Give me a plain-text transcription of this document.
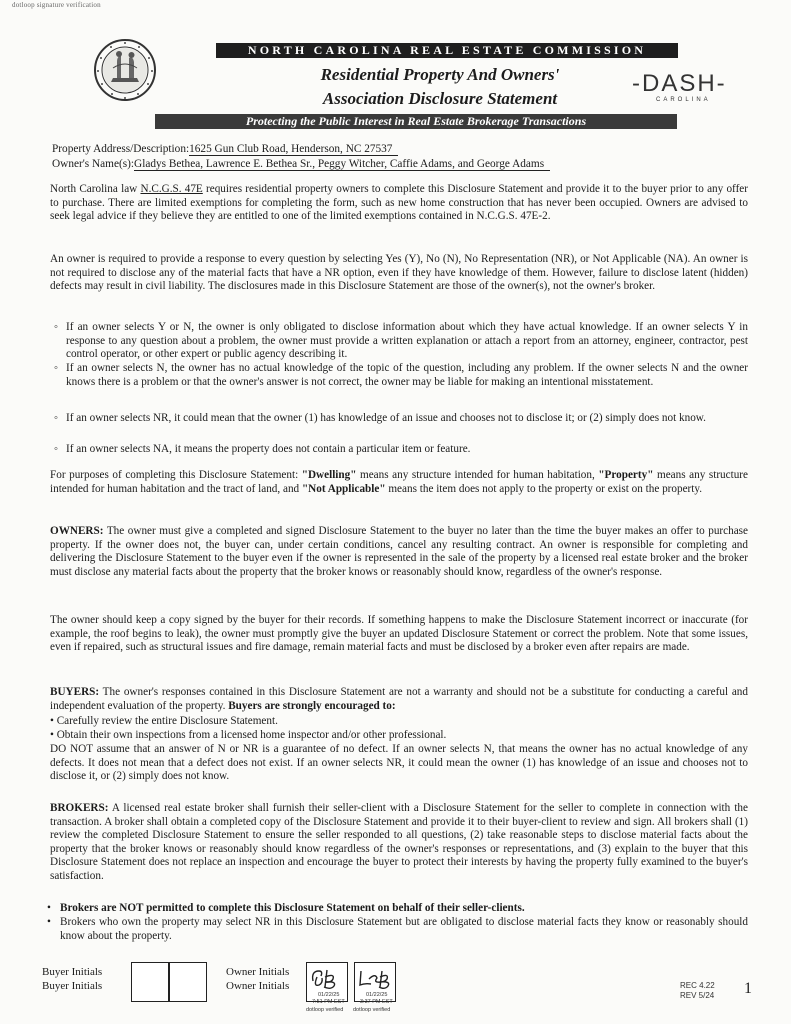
dotloop signature verification
NORTH CAROLINA REAL ESTATE COMMISSION
Residential Property And Owners'
Association Disclosure Statement
-DASH-
CAROLINA
Protecting the Public Interest in Real Estate Brokerage Transactions
Property Address/Description:1625 Gun Club Road, Henderson, NC 27537
Owner's Name(s):Gladys Bethea, Lawrence E. Bethea Sr., Peggy Witcher, Caffie Adams, and George Adams

North Carolina law N.C.G.S. 47E requires residential property owners to complete this Disclosure Statement and provide it to the buyer prior to any offer to purchase. There are limited exemptions for completing the form, such as new home construction that has never been occupied. Owners are advised to seek legal advice if they believe they are entitled to one of the limited exemptions contained in N.C.G.S. 47E-2.

An owner is required to provide a response to every question by selecting Yes (Y), No (N), No Representation (NR), or Not Applicable (NA). An owner is not required to disclose any of the material facts that have a NR option, even if they have knowledge of them. However, failure to disclose latent (hidden) defects may result in civil liability. The disclosures made in this Disclosure Statement are those of the owner(s), not the owner's broker.

◦ If an owner selects Y or N, the owner is only obligated to disclose information about which they have actual knowledge. If an owner selects Y in response to any question about a problem, the owner must provide a written explanation or attach a report from an attorney, engineer, contractor, pest control operator, or other expert or public agency describing it.
◦ If an owner selects N, the owner has no actual knowledge of the topic of the question, including any problem. If the owner selects N and the owner knows there is a problem or that the owner's answer is not correct, the owner may be liable for making an intentional misstatement.
◦ If an owner selects NR, it could mean that the owner (1) has knowledge of an issue and chooses not to disclose it; or (2) simply does not know.
◦ If an owner selects NA, it means the property does not contain a particular item or feature.

For purposes of completing this Disclosure Statement: "Dwelling" means any structure intended for human habitation, "Property" means any structure intended for human habitation and the tract of land, and "Not Applicable" means the item does not apply to the property or exist on the property.

OWNERS: The owner must give a completed and signed Disclosure Statement to the buyer no later than the time the buyer makes an offer to purchase property. If the owner does not, the buyer can, under certain conditions, cancel any resulting contract. An owner is responsible for completing and delivering the Disclosure Statement to the buyer even if the owner is represented in the sale of the property by a licensed real estate broker and the broker must disclose any material facts about the property that the broker knows or reasonably should know, regardless of the owner's response.

The owner should keep a copy signed by the buyer for their records. If something happens to make the Disclosure Statement incorrect or inaccurate (for example, the roof begins to leak), the owner must promptly give the buyer an updated Disclosure Statement or correct the problem. Note that some issues, even if repaired, such as structural issues and fire damage, remain material facts and must be disclosed by a broker even after repairs are made.

BUYERS: The owner's responses contained in this Disclosure Statement are not a warranty and should not be a substitute for conducting a careful and independent evaluation of the property. Buyers are strongly encouraged to:

• Carefully review the entire Disclosure Statement.
• Obtain their own inspections from a licensed home inspector and/or other professional.

DO NOT assume that an answer of N or NR is a guarantee of no defect. If an owner selects N, that means the owner has no actual knowledge of any defects. It does not mean that a defect does not exist. If an owner selects NR, it could mean the owner (1) has knowledge of an issue and chooses not to disclose it, or (2) simply does not know.

BROKERS: A licensed real estate broker shall furnish their seller-client with a Disclosure Statement for the seller to complete in connection with the transaction. A broker shall obtain a completed copy of the Disclosure Statement and provide it to their buyer-client to review and sign. All brokers shall (1) review the completed Disclosure Statement to ensure the seller responded to all questions, (2) take reasonable steps to disclose material facts about the property that the broker knows or reasonably should know regardless of the owner's responses or representations, and (3) explain to the buyer that this Disclosure Statement does not replace an inspection and encourage the buyer to protect their interests by having the property fully examined to the buyer's satisfaction.

• Brokers are NOT permitted to complete this Disclosure Statement on behalf of their seller-clients.
• Brokers who own the property may select NR in this Disclosure Statement but are obligated to disclose material facts they know or reasonably should know about the property.
Buyer Initials
Buyer Initials
Owner Initials
Owner Initials
01/22/25
7:51 PM EST
dotloop verified
01/22/25
3:37 PM EST
dotloop verified
REC 4.22
REV 5/24 1
